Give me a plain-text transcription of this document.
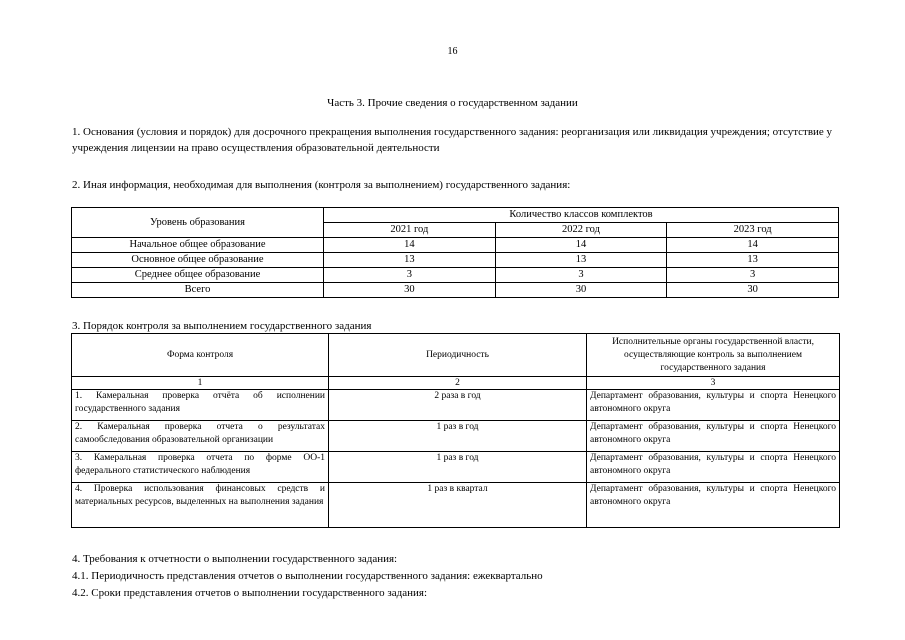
16
Часть 3. Прочие сведения о государственном задании
1. Основания (условия и порядок) для досрочного прекращения выполнения государственного задания: реорганизация или ликвидация учреждения; отсутствие у учреждения лицензии на право осуществления образовательной деятельности
2. Иная информация, необходимая для выполнения (контроля за выполнением) государственного задания:
Уровень образования	Количество классов комплектов		
	2021 год	2022 год	2023 год
Начальное общее образование	14	14	14
Основное общее образование	13	13	13
Среднее общее образование	3	3	3
Всего	30	30	30
3. Порядок контроля за выполнением государственного задания
Форма контроля	Периодичность	Исполнительные органы государственной власти, осуществляющие контроль за выполнением государственного задания
1	2	3
1. Камеральная проверка отчёта об исполнении государственного задания	2 раза в год	Департамент образования, культуры и спорта Ненецкого автономного округа
2. Камеральная проверка отчета о результатах самообследования образовательной организации	1 раз в год	Департамент образования, культуры и спорта Ненецкого автономного округа
3. Камеральная проверка отчета по форме ОО-1 федерального статистического наблюдения	1 раз в год	Департамент образования, культуры и спорта Ненецкого автономного округа
4. Проверка использования финансовых средств и материальных ресурсов, выделенных на выполнения задания	1 раз в квартал	Департамент образования, культуры и спорта Ненецкого автономного округа
4. Требования к отчетности о выполнении государственного задания:
4.1. Периодичность представления отчетов о выполнении государственного задания: ежеквартально
4.2. Сроки представления отчетов о выполнении государственного задания:
